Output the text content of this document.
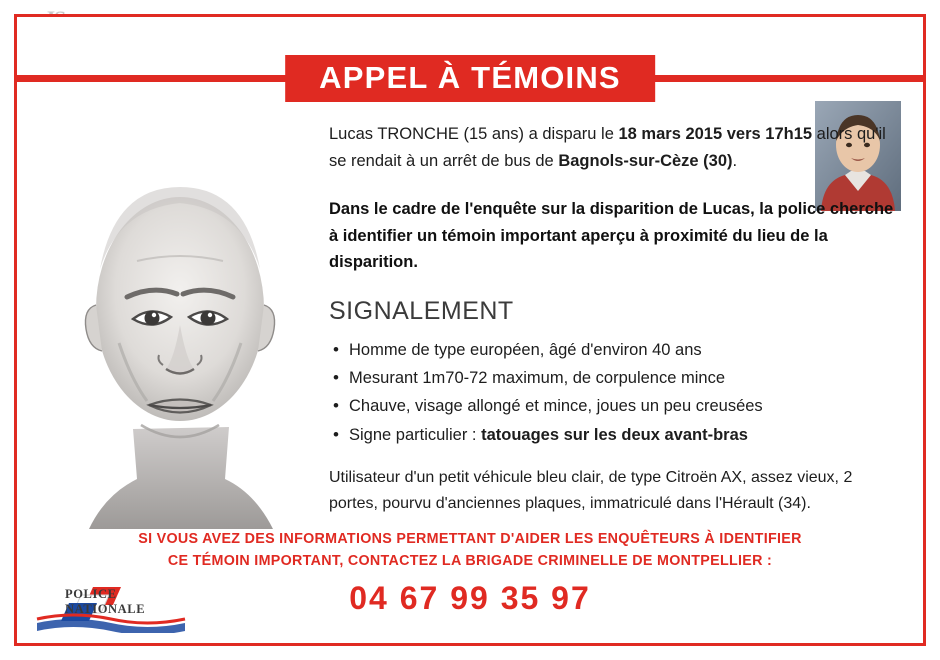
APPEL À TÉMOINS

Lucas TRONCHE (15 ans) a disparu le 18 mars 2015 vers 17h15 alors qu'il se rendait à un arrêt de bus de Bagnols-sur-Cèze (30).

Dans le cadre de l'enquête sur la disparition de Lucas, la police cherche à identifier un témoin important aperçu à proximité du lieu de la disparition.

SIGNALEMENT
• Homme de type européen, âgé d'environ 40 ans
• Mesurant 1m70-72 maximum, de corpulence mince
• Chauve, visage allongé et mince, joues un peu creusées
• Signe particulier : tatouages sur les deux avant-bras

Utilisateur d'un petit véhicule bleu clair, de type Citroën AX, assez vieux, 2 portes, pourvu d'anciennes plaques, immatriculé dans l'Hérault (34).

SI VOUS AVEZ DES INFORMATIONS PERMETTANT D'AIDER LES ENQUÊTEURS À IDENTIFIER
CE TÉMOIN IMPORTANT, CONTACTEZ LA BRIGADE CRIMINELLE DE MONTPELLIER :
04 67 99 35 97
POLICE NATIONALE
